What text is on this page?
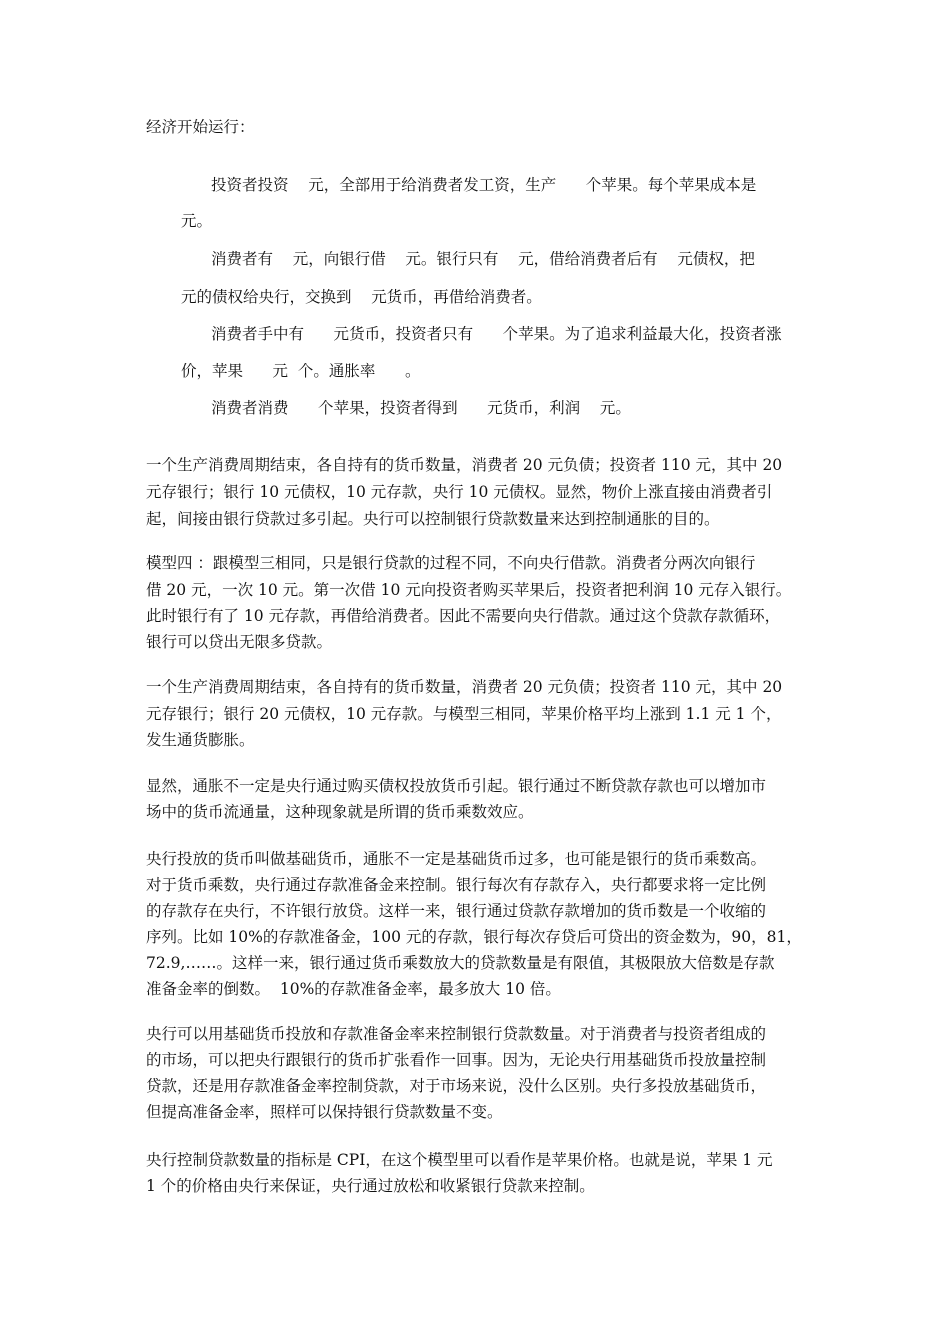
经济开始运行：
投资者投资    元，全部用于给消费者发工资，生产      个苹果。每个苹果成本是
元。
消费者有    元，向银行借    元。银行只有    元，借给消费者后有    元债权，把
元的债权给央行，交换到    元货币，再借给消费者。
消费者手中有      元货币，投资者只有      个苹果。为了追求利益最大化，投资者涨
价，苹果      元  个。通胀率      。
消费者消费      个苹果，投资者得到      元货币，利润    元。
一个生产消费周期结束，各自持有的货币数量，消费者 20 元负债；投资者 110 元，其中 20
元存银行；银行 10 元债权，10 元存款，央行 10 元债权。显然，物价上涨直接由消费者引
起，间接由银行贷款过多引起。央行可以控制银行贷款数量来达到控制通胀的目的。
模型四 ：跟模型三相同，只是银行贷款的过程不同，不向央行借款。消费者分两次向银行
借 20 元，一次 10 元。第一次借 10 元向投资者购买苹果后，投资者把利润 10 元存入银行。
此时银行有了 10 元存款，再借给消费者。因此不需要向央行借款。通过这个贷款存款循环，
银行可以贷出无限多贷款。
一个生产消费周期结束，各自持有的货币数量，消费者 20 元负债；投资者 110 元，其中 20
元存银行；银行 20 元债权，10 元存款。与模型三相同，苹果价格平均上涨到 1.1 元 1 个，
发生通货膨胀。
显然，通胀不一定是央行通过购买债权投放货币引起。银行通过不断贷款存款也可以增加市
场中的货币流通量，这种现象就是所谓的货币乘数效应。
央行投放的货币叫做基础货币，通胀不一定是基础货币过多，也可能是银行的货币乘数高。
对于货币乘数，央行通过存款准备金来控制。银行每次有存款存入，央行都要求将一定比例
的存款存在央行，不许银行放贷。这样一来，银行通过贷款存款增加的货币数是一个收缩的
序列。比如 10%的存款准备金，100 元的存款，银行每次存贷后可贷出的资金数为，90，81，
72.9,……。这样一来，银行通过货币乘数放大的贷款数量是有限值，其极限放大倍数是存款
准备金率的倒数。  10%的存款准备金率，最多放大 10 倍。
央行可以用基础货币投放和存款准备金率来控制银行贷款数量。对于消费者与投资者组成的
的市场，可以把央行跟银行的货币扩张看作一回事。因为，无论央行用基础货币投放量控制
贷款，还是用存款准备金率控制贷款，对于市场来说，没什么区别。央行多投放基础货币，
但提高准备金率，照样可以保持银行贷款数量不变。
央行控制贷款数量的指标是 CPI，在这个模型里可以看作是苹果价格。也就是说，苹果 1 元
1 个的价格由央行来保证，央行通过放松和收紧银行贷款来控制。
